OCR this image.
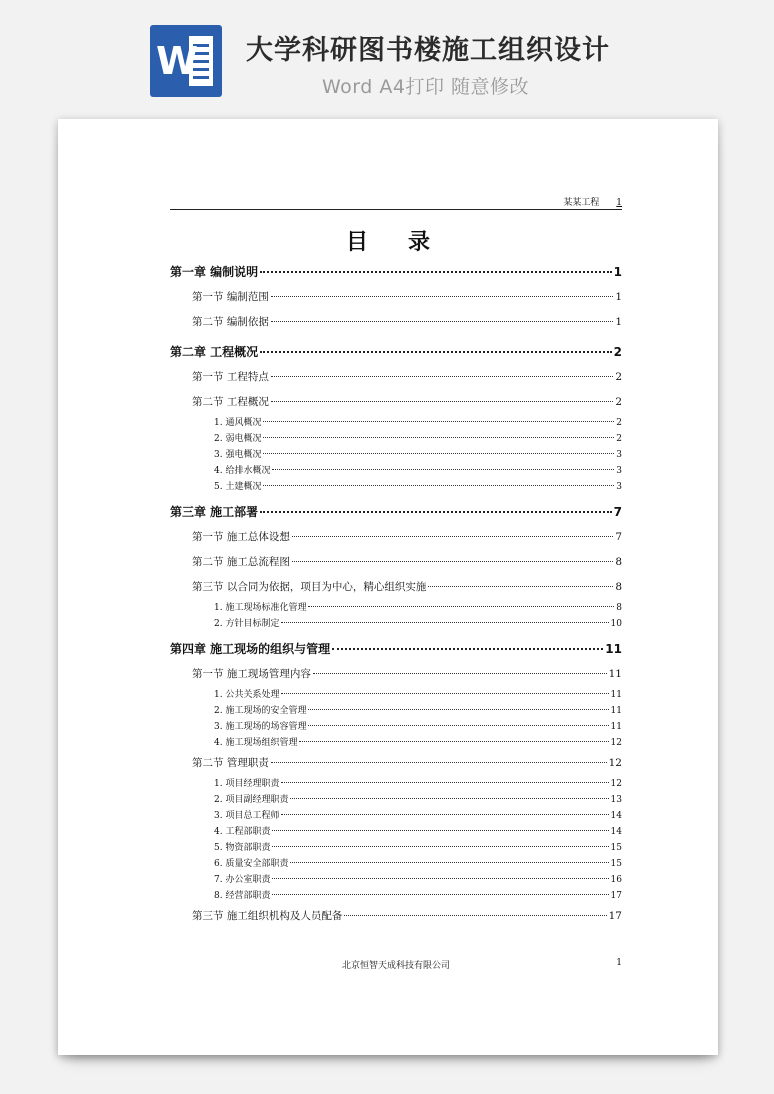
W 大学科研图书楼施工组织设计
Word A4打印 随意修改
某某工程 1
目录
第一章 编制说明	1
第一节 编制范围	1
第二节 编制依据	1
第二章 工程概况	2
第一节 工程特点	2
第二节 工程概况	2
1. 通风概况	2
2. 弱电概况	2
3. 强电概况	3
4. 给排水概况	3
5. 土建概况	3
第三章 施工部署	7
第一节 施工总体设想	7
第二节 施工总流程图	8
第三节 以合同为依据，项目为中心，精心组织实施	8
1. 施工现场标准化管理	8
2. 方针目标制定	10
第四章 施工现场的组织与管理	11
第一节 施工现场管理内容	11
1. 公共关系处理	11
2. 施工现场的安全管理	11
3. 施工现场的场容管理	11
4. 施工现场组织管理	12
第二节 管理职责	12
1. 项目经理职责	12
2. 项目副经理职责	13
3. 项目总工程师	14
4. 工程部职责	14
5. 物资部职责	15
6. 质量安全部职责	15
7. 办公室职责	16
8. 经营部职责	17
第三节 施工组织机构及人员配备	17
北京恒智天成科技有限公司	1
